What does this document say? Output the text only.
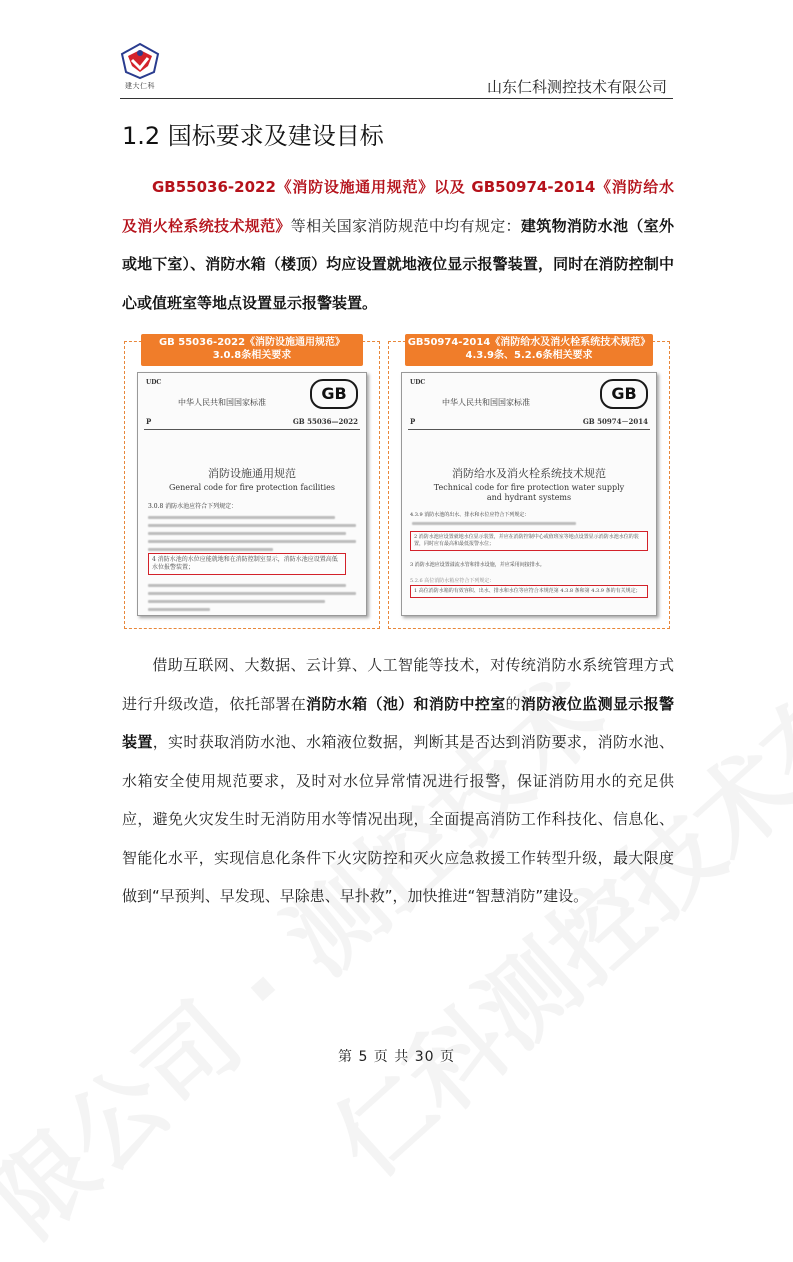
建大仁科	山东仁科测控技术有限公司
1.2 国标要求及建设目标
GB55036-2022《消防设施通用规范》以及 GB50974-2014《消防给水及消火栓系统技术规范》等相关国家消防规范中均有规定：建筑物消防水池（室外或地下室）、消防水箱（楼顶）均应设置就地液位显示报警装置，同时在消防控制中心或值班室等地点设置显示报警装置。
GB 55036-2022《消防设施通用规范》
3.0.8条相关要求
UDC
中华人民共和国国家标准	GB
P	GB 55036—2022
消防设施通用规范
General code for fire protection facilities
3.0.8 消防水池应符合下列规定：
4 消防水池的水位应能就地和在消防控制室显示，消防水池应设置高低水位报警装置；
GB50974-2014《消防给水及消火栓系统技术规范》
4.3.9条、5.2.6条相关要求
UDC
中华人民共和国国家标准	GB
P	GB 50974－2014
消防给水及消火栓系统技术规范
Technical code for fire protection water supply and hydrant systems
4.3.9 消防水池的出水、排水和水位应符合下列规定：
2 消防水池应设置就地水位显示装置，并应在消防控制中心或值班室等地点设置显示消防水池水位的装置，同时应有最高和最低报警水位；
3 消防水池应设置溢流水管和排水设施，并应采用间接排水。
5.2.6 高位消防水箱应符合下列规定：
1 高位消防水箱的有效容积、出水、排水和水位等应符合本规范第 4.3.8 条和第 4.3.9 条的有关规定；
借助互联网、大数据、云计算、人工智能等技术，对传统消防水系统管理方式进行升级改造，依托部署在消防水箱（池）和消防中控室的消防液位监测显示报警装置，实时获取消防水池、水箱液位数据，判断其是否达到消防要求，消防水池、水箱安全使用规范要求，及时对水位异常情况进行报警，保证消防用水的充足供应，避免火灾发生时无消防用水等情况出现，全面提高消防工作科技化、信息化、智能化水平，实现信息化条件下火灾防控和灭火应急救援工作转型升级，最大限度做到“早预判、早发现、早除患、早扑救”，加快推进“智慧消防”建设。
第 5 页 共 30 页
